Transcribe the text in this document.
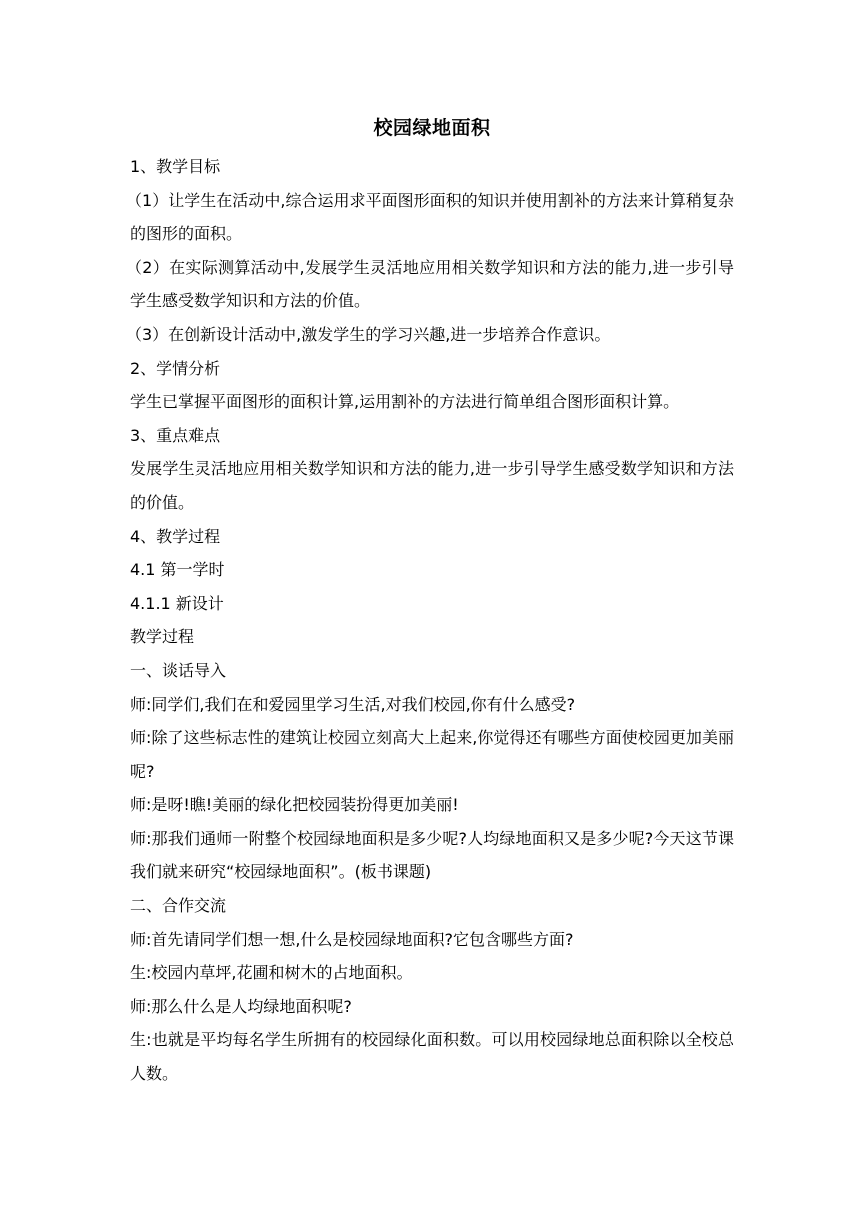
校园绿地面积

1、教学目标

（1）让学生在活动中,综合运用求平面图形面积的知识并使用割补的方法来计算稍复杂的图形的面积。

（2）在实际测算活动中,发展学生灵活地应用相关数学知识和方法的能力,进一步引导学生感受数学知识和方法的价值。

（3）在创新设计活动中,激发学生的学习兴趣,进一步培养合作意识。

2、学情分析

学生已掌握平面图形的面积计算,运用割补的方法进行简单组合图形面积计算。

3、重点难点

发展学生灵活地应用相关数学知识和方法的能力,进一步引导学生感受数学知识和方法的价值。

4、教学过程

4.1 第一学时

4.1.1 新设计

教学过程

一、谈话导入

师:同学们,我们在和爱园里学习生活,对我们校园,你有什么感受?

师:除了这些标志性的建筑让校园立刻高大上起来,你觉得还有哪些方面使校园更加美丽呢?

师:是呀!瞧!美丽的绿化把校园装扮得更加美丽!

师:那我们通师一附整个校园绿地面积是多少呢?人均绿地面积又是多少呢?今天这节课我们就来研究“校园绿地面积”。(板书课题)

二、合作交流

师:首先请同学们想一想,什么是校园绿地面积?它包含哪些方面?

生:校园内草坪,花圃和树木的占地面积。

师:那么什么是人均绿地面积呢?

生:也就是平均每名学生所拥有的校园绿化面积数。可以用校园绿地总面积除以全校总人数。
